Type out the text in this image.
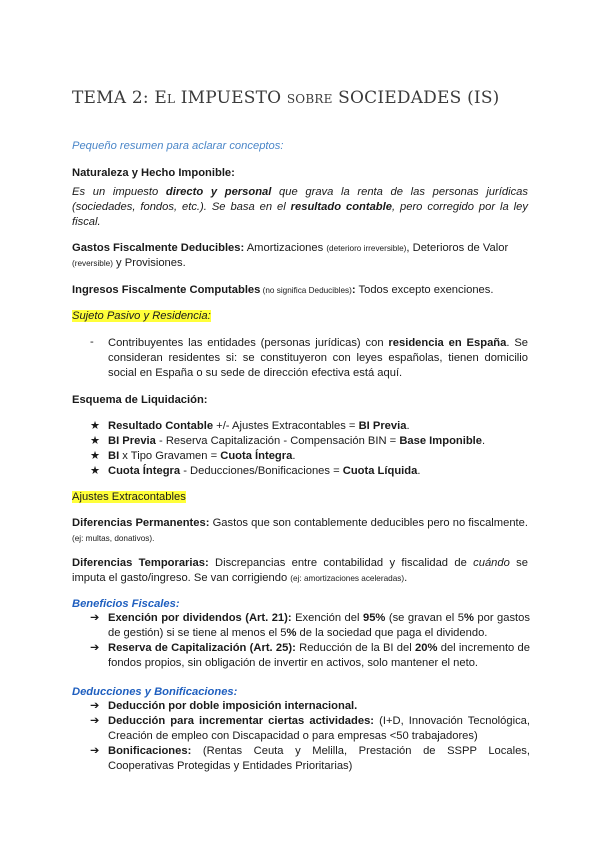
TEMA 2: El IMPUESTO sobre SOCIEDADES (IS)
Pequeño resumen para aclarar conceptos:
Naturaleza y Hecho Imponible:
Es un impuesto directo y personal que grava la renta de las personas jurídicas (sociedades, fondos, etc.). Se basa en el resultado contable, pero corregido por la ley fiscal.
Gastos Fiscalmente Deducibles: Amortizaciones (deterioro irreversible), Deterioros de Valor (reversible) y Provisiones.
Ingresos Fiscalmente Computables (no significa Deducibles): Todos excepto exenciones.
Sujeto Pasivo y Residencia:
- Contribuyentes las entidades (personas jurídicas) con residencia en España. Se consideran residentes si: se constituyeron con leyes españolas, tienen domicilio social en España o su sede de dirección efectiva está aquí.
Esquema de Liquidación:
★ Resultado Contable +/- Ajustes Extracontables = BI Previa.
★ BI Previa - Reserva Capitalización - Compensación BIN = Base Imponible.
★ BI x Tipo Gravamen = Cuota Íntegra.
★ Cuota Íntegra - Deducciones/Bonificaciones = Cuota Líquida.
Ajustes Extracontables
Diferencias Permanentes: Gastos que son contablemente deducibles pero no fiscalmente. (ej: multas, donativos).
Diferencias Temporarias: Discrepancias entre contabilidad y fiscalidad de cuándo se imputa el gasto/ingreso. Se van corrigiendo (ej: amortizaciones aceleradas).
Beneficios Fiscales:
➔ Exención por dividendos (Art. 21): Exención del 95% (se gravan el 5% por gastos de gestión) si se tiene al menos el 5% de la sociedad que paga el dividendo.
➔ Reserva de Capitalización (Art. 25): Reducción de la BI del 20% del incremento de fondos propios, sin obligación de invertir en activos, solo mantener el neto.
Deducciones y Bonificaciones:
➔ Deducción por doble imposición internacional.
➔ Deducción para incrementar ciertas actividades: (I+D, Innovación Tecnológica, Creación de empleo con Discapacidad o para empresas <50 trabajadores)
➔ Bonificaciones: (Rentas Ceuta y Melilla, Prestación de SSPP Locales, Cooperativas Protegidas y Entidades Prioritarias)
